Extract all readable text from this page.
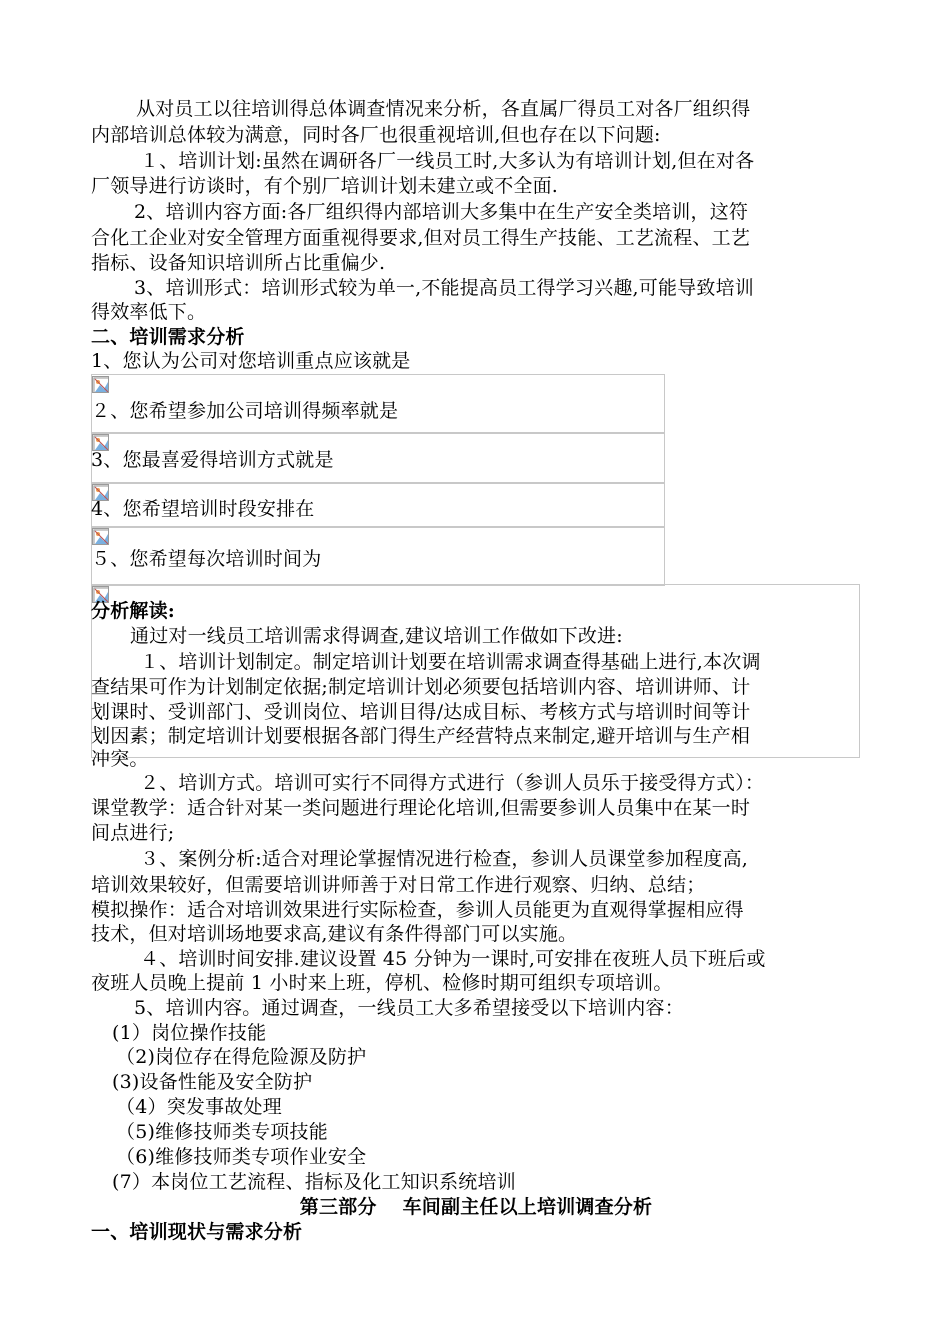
从对员工以往培训得总体调查情况来分析，各直属厂得员工对各厂组织得
内部培训总体较为满意，同时各厂也很重视培训,但也存在以下问题:
１、培训计划:虽然在调研各厂一线员工时,大多认为有培训计划,但在对各
厂领导进行访谈时，有个别厂培训计划未建立或不全面.
2、培训内容方面:各厂组织得内部培训大多集中在生产安全类培训，这符
合化工企业对安全管理方面重视得要求,但对员工得生产技能、工艺流程、工艺
指标、设备知识培训所占比重偏少.
3、培训形式：培训形式较为单一,不能提高员工得学习兴趣,可能导致培训
得效率低下。
二、培训需求分析
1、您认为公司对您培训重点应该就是
２、您希望参加公司培训得频率就是
3、您最喜爱得培训方式就是
4、您希望培训时段安排在
５、您希望每次培训时间为
分析解读:
通过对一线员工培训需求得调查,建议培训工作做如下改进:
１、培训计划制定。制定培训计划要在培训需求调查得基础上进行,本次调
查结果可作为计划制定依据;制定培训计划必须要包括培训内容、培训讲师、计
划课时、受训部门、受训岗位、培训目得/达成目标、考核方式与培训时间等计
划因素；制定培训计划要根据各部门得生产经营特点来制定,避开培训与生产相
冲突。
２、培训方式。培训可实行不同得方式进行（参训人员乐于接受得方式）：
课堂教学：适合针对某一类问题进行理论化培训,但需要参训人员集中在某一时
间点进行;
３、案例分析:适合对理论掌握情况进行检查，参训人员课堂参加程度高,
培训效果较好，但需要培训讲师善于对日常工作进行观察、归纳、总结；
模拟操作：适合对培训效果进行实际检查，参训人员能更为直观得掌握相应得
技术，但对培训场地要求高,建议有条件得部门可以实施。
４、培训时间安排.建议设置 45 分钟为一课时,可安排在夜班人员下班后或
夜班人员晚上提前 1 小时来上班，停机、检修时期可组织专项培训。
5、培训内容。通过调查，一线员工大多希望接受以下培训内容：
(1）岗位操作技能
（2)岗位存在得危险源及防护
(3)设备性能及安全防护
（4）突发事故处理
（5)维修技师类专项技能
（6)维修技师类专项作业安全
(7）本岗位工艺流程、指标及化工知识系统培训
第三部分　 车间副主任以上培训调查分析
一、培训现状与需求分析
